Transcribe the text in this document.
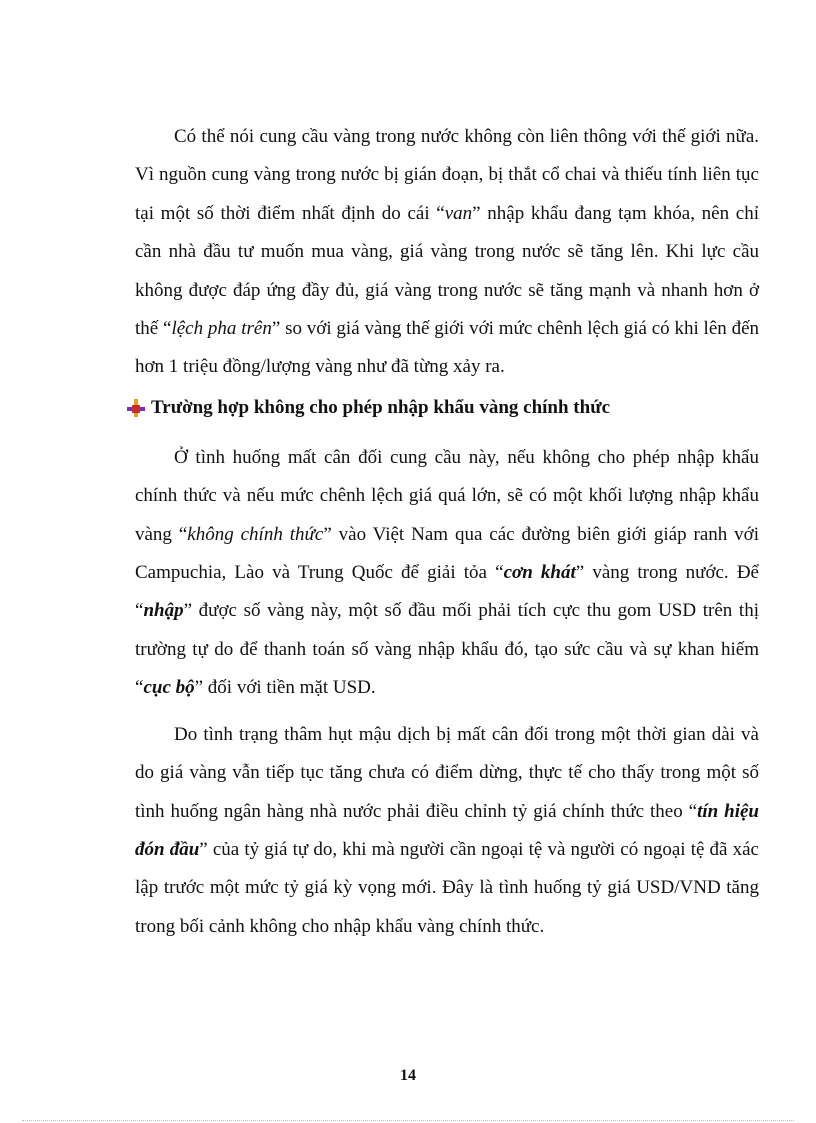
Có thể nói cung cầu vàng trong nước không còn liên thông với thế giới nữa. Vì nguồn cung vàng trong nước bị gián đoạn, bị thắt cổ chai và thiếu tính liên tục tại một số thời điểm nhất định do cái “van” nhập khẩu đang tạm khóa, nên chỉ cần nhà đầu tư muốn mua vàng, giá vàng trong nước sẽ tăng lên. Khi lực cầu không được đáp ứng đầy đủ, giá vàng trong nước sẽ tăng mạnh và nhanh hơn ở thế “lệch pha trên” so với giá vàng thế giới với mức chênh lệch giá có khi lên đến hơn 1 triệu đồng/lượng vàng như đã từng xảy ra.

Trường hợp không cho phép nhập khẩu vàng chính thức

Ở tình huống mất cân đối cung cầu này, nếu không cho phép nhập khẩu chính thức và nếu mức chênh lệch giá quá lớn, sẽ có một khối lượng nhập khẩu vàng “không chính thức” vào Việt Nam qua các đường biên giới giáp ranh với Campuchia, Lào và Trung Quốc để giải tỏa “cơn khát” vàng trong nước. Để “nhập” được số vàng này, một số đầu mối phải tích cực thu gom USD trên thị trường tự do để thanh toán số vàng nhập khẩu đó, tạo sức cầu và sự khan hiếm “cục bộ” đối với tiền mặt USD.

Do tình trạng thâm hụt mậu dịch bị mất cân đối trong một thời gian dài và do giá vàng vẫn tiếp tục tăng chưa có điểm dừng, thực tế cho thấy trong một số tình huống ngân hàng nhà nước phải điều chỉnh tỷ giá chính thức theo “tín hiệu đón đầu” của tỷ giá tự do, khi mà người cần ngoại tệ và người có ngoại tệ đã xác lập trước một mức tỷ giá kỳ vọng mới. Đây là tình huống tỷ giá USD/VND tăng trong bối cảnh không cho nhập khẩu vàng chính thức.

14
